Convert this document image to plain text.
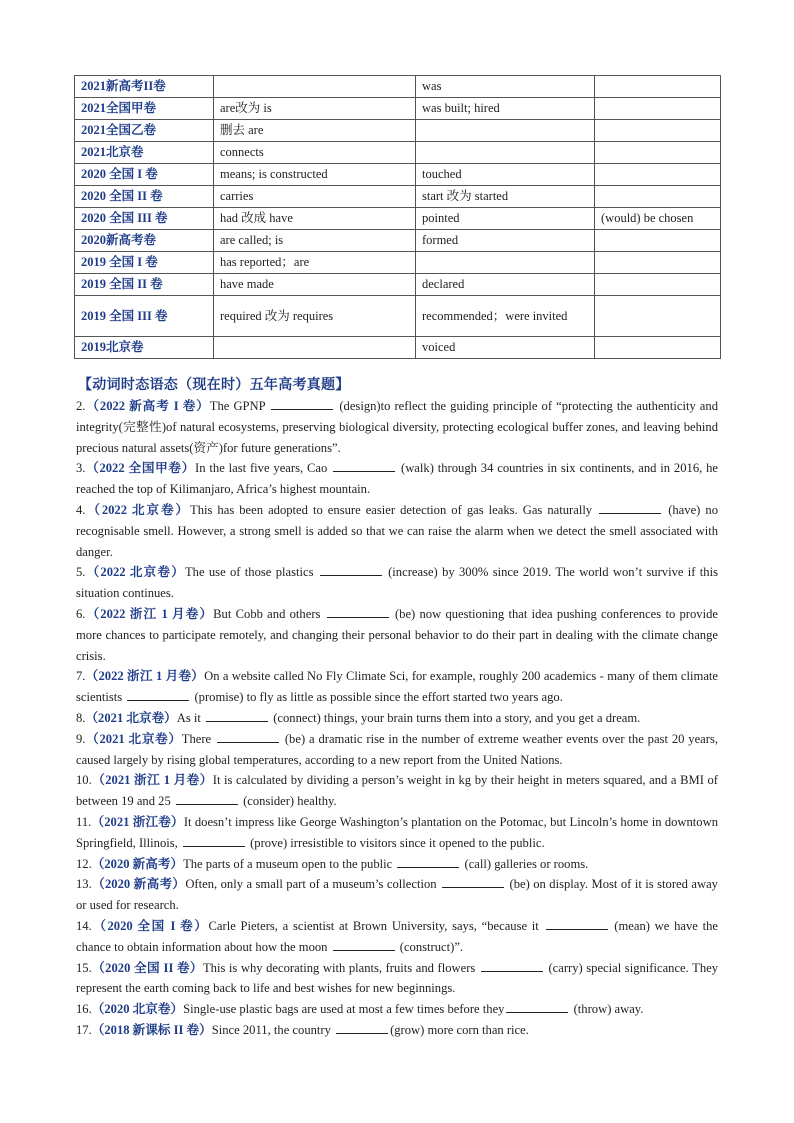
2021新高考II卷		was	
2021全国甲卷	are改为 is	was built; hired	
2021全国乙卷	删去 are		
2021北京卷	connects		
2020 全国 I 卷	means; is constructed	touched	
2020 全国 II 卷	carries	start 改为 started	
2020 全国 III 卷	had 改成 have	pointed	(would) be chosen
2020新高考卷	are called; is	formed	
2019 全国 I 卷	has reported；are		
2019 全国 II 卷	have made	declared	
2019 全国 III 卷	required 改为 requires	recommended；were invited	
2019北京卷		voiced	
【动词时态语态（现在时）五年高考真题】

2.（2022 新高考 I 卷）The GPNP	(design)to reflect the guiding principle of “protecting the authenticity and integrity(完整性)of natural ecosystems, preserving biological diversity, protecting ecological buffer zones, and leaving behind precious natural assets(资产)for future generations”.

3.（2022 全国甲卷）In the last five years, Cao	(walk) through 34 countries in six continents, and in 2016, he reached the top of Kilimanjaro, Africa’s highest mountain.

4.（2022 北京卷）This has been adopted to ensure easier detection of gas leaks. Gas naturally	(have) no recognisable smell. However, a strong smell is added so that we can raise the alarm when we detect the smell associated with danger.

5.（2022 北京卷）The use of those plastics	(increase) by 300% since 2019. The world won’t survive if this situation continues.

6.（2022 浙江 1 月卷）But Cobb and others	(be) now questioning that idea pushing conferences to provide more chances to participate remotely, and changing their personal behavior to do their part in dealing with the climate change crisis.

7.（2022 浙江 1 月卷）On a website called No Fly Climate Sci, for example, roughly 200 academics - many of them climate scientists	(promise) to fly as little as possible since the effort started two years ago.

8.（2021 北京卷）As it	(connect) things, your brain turns them into a story, and you get a dream.

9.（2021 北京卷）There	(be) a dramatic rise in the number of extreme weather events over the past 20 years, caused largely by rising global temperatures, according to a new report from the United Nations.

10.（2021 浙江 1 月卷）It is calculated by dividing a person’s weight in kg by their height in meters squared, and a BMI of between 19 and 25	(consider) healthy.

11.（2021 浙江卷）It doesn’t impress like George Washington’s plantation on the Potomac, but Lincoln’s home in downtown Springfield, Illinois,	(prove) irresistible to visitors since it opened to the public.

12.（2020 新高考）The parts of a museum open to the public	(call) galleries or rooms.

13.（2020 新高考）Often, only a small part of a museum’s collection	(be) on display. Most of it is stored away or used for research.

14.（2020 全国 I 卷）Carle Pieters, a scientist at Brown University, says, “because it	(mean) we have the chance to obtain information about how the moon	(construct)”.

15.（2020 全国 II 卷）This is why decorating with plants, fruits and flowers	(carry) special significance. They represent the earth coming back to life and best wishes for new beginnings.

16.（2020 北京卷）Single-use plastic bags are used at most a few times before they	(throw) away.

17.（2018 新课标 II 卷）Since 2011, the country	(grow) more corn than rice.
